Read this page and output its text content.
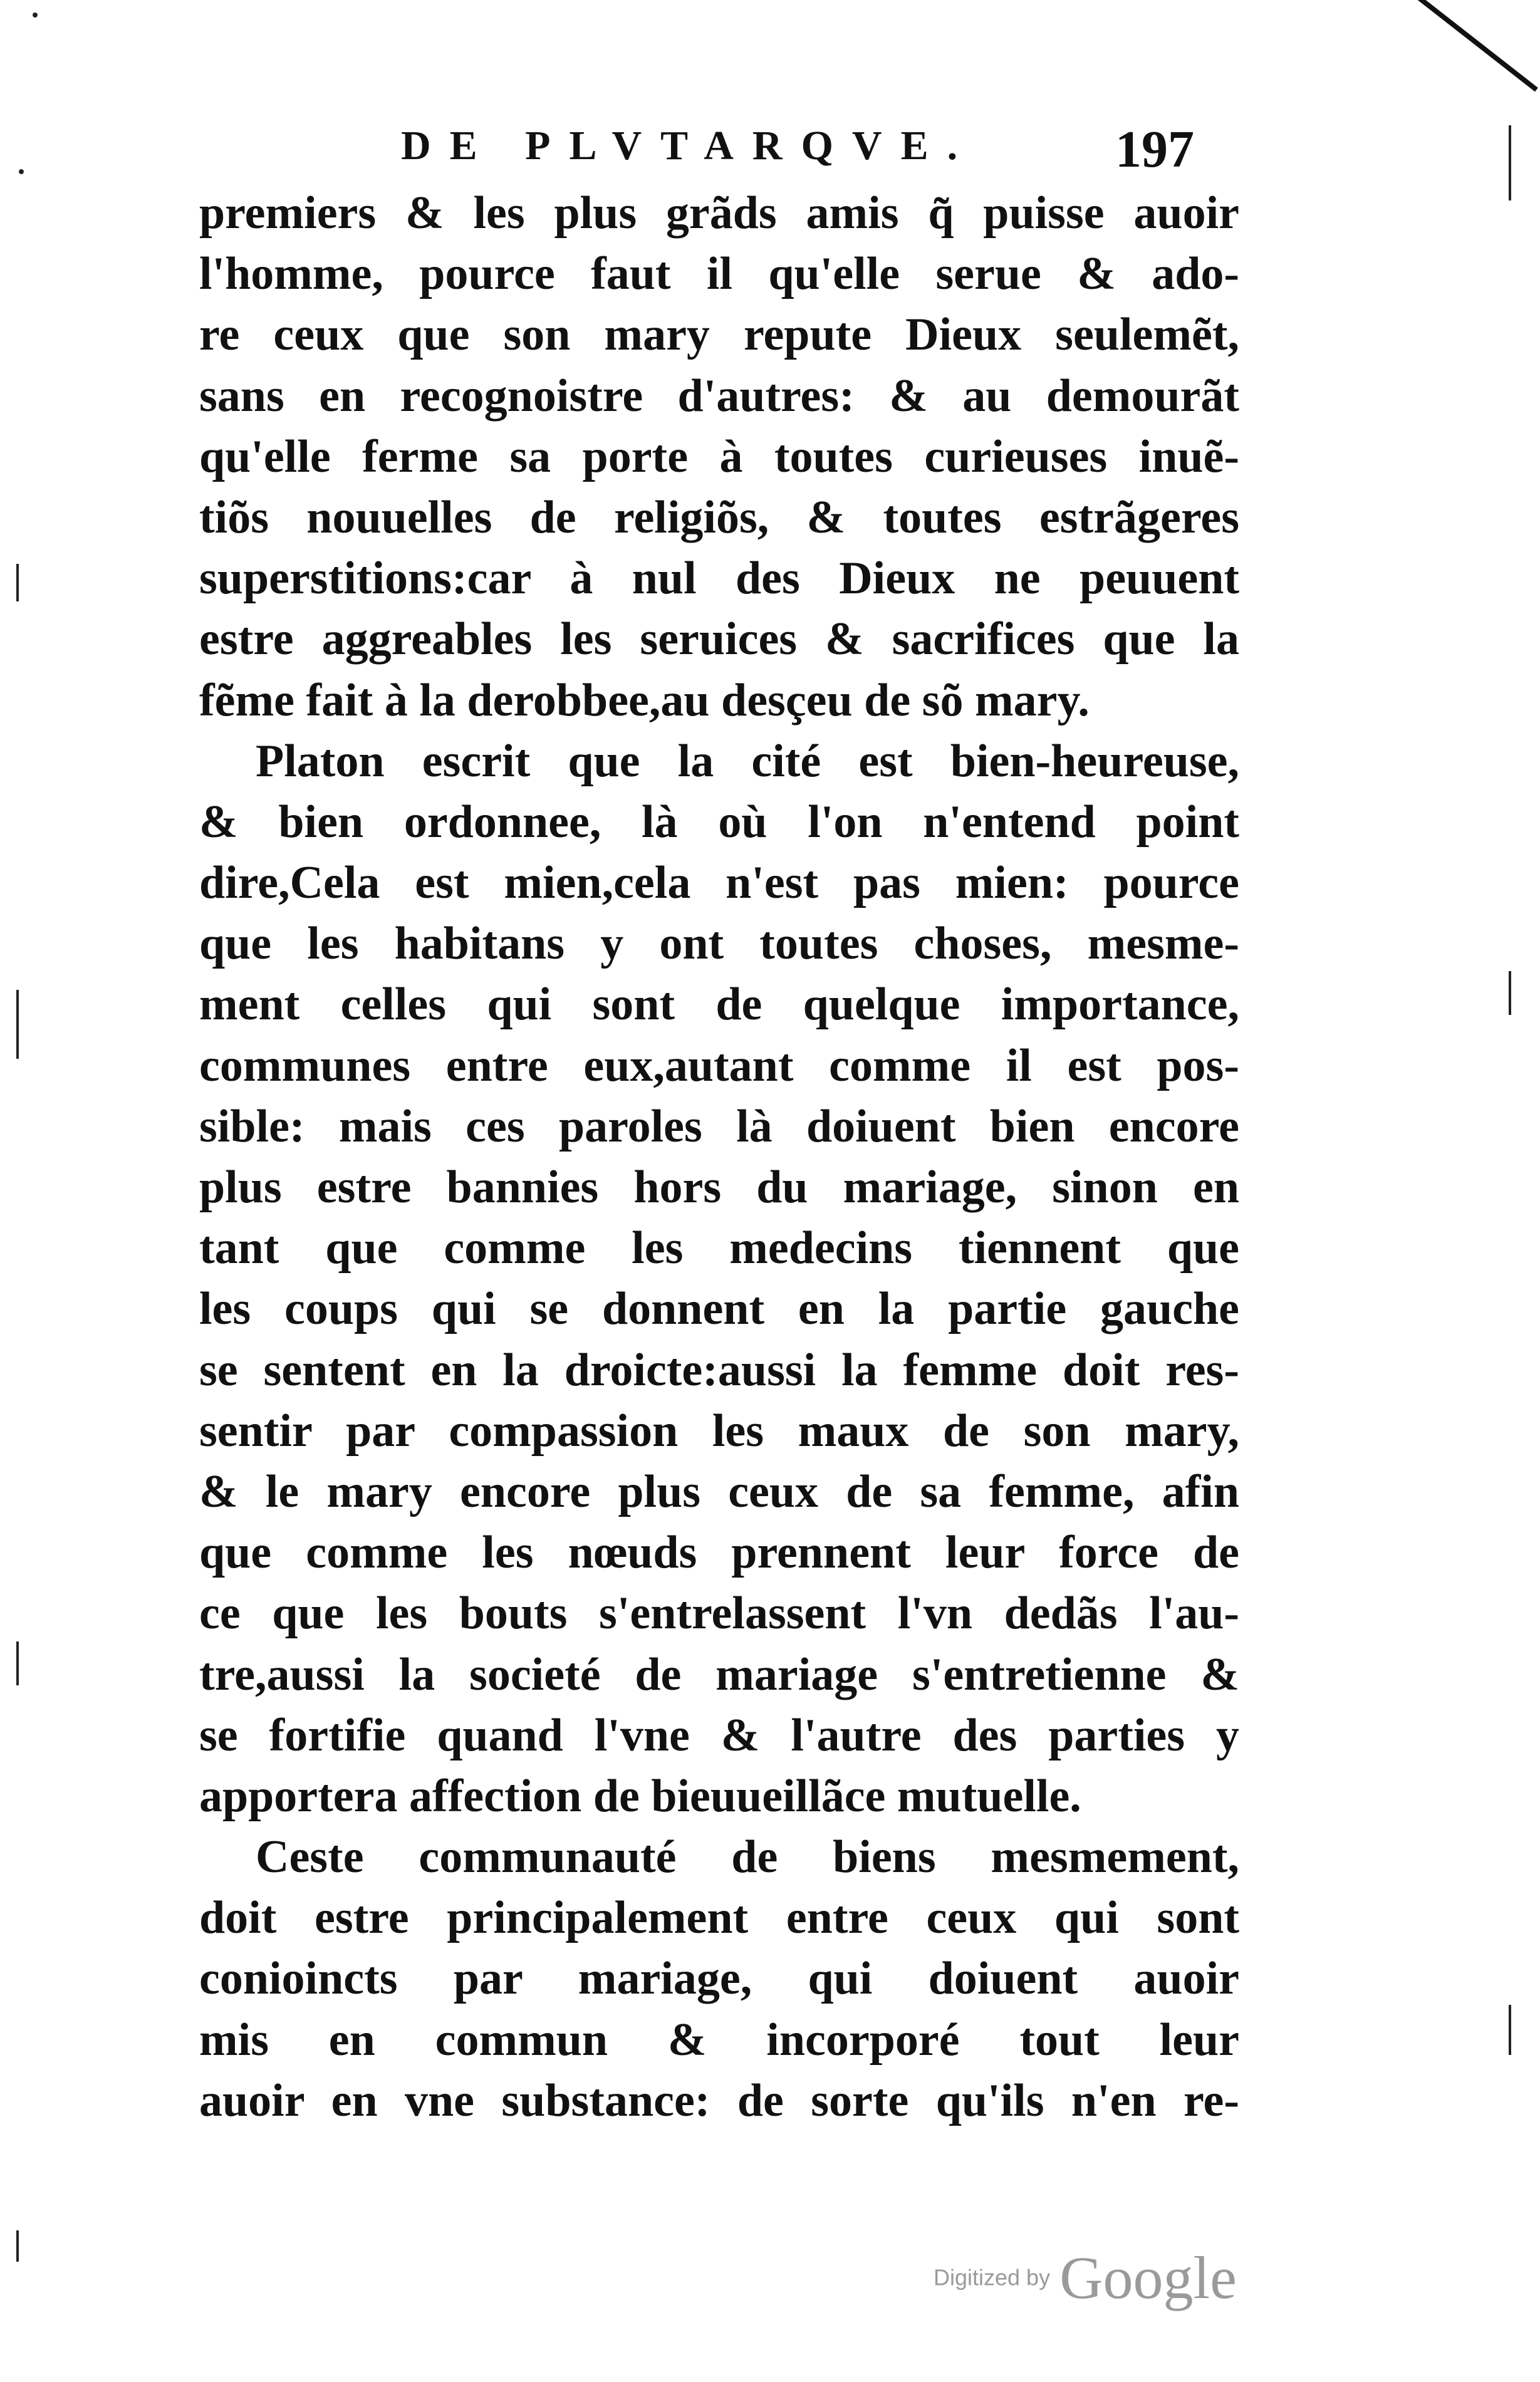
DE PLVTARQVE.	197
premiers & les plus grãds amis q̃ puisse auoir
l'homme, pource faut il qu'elle serue & ado-
re ceux que son mary repute Dieux seulemẽt,
sans en recognoistre d'autres: & au demourãt
qu'elle ferme sa porte à toutes curieuses inuẽ-
tiõs nouuelles de religiõs, & toutes estrãgeres
superstitions:car à nul des Dieux ne peuuent
estre aggreables les seruices & sacrifices que la
fẽme fait à la derobbee,au desçeu de sõ mary.
Platon escrit que la cité est bien-heureuse,
& bien ordonnee, là où l'on n'entend point
dire,Cela est mien,cela n'est pas mien: pource
que les habitans y ont toutes choses, mesme-
ment celles qui sont de quelque importance,
communes entre eux,autant comme il est pos-
sible: mais ces paroles là doiuent bien encore
plus estre bannies hors du mariage, sinon en
tant que comme les medecins tiennent que
les coups qui se donnent en la partie gauche
se sentent en la droicte:aussi la femme doit res-
sentir par compassion les maux de son mary,
& le mary encore plus ceux de sa femme, afin
que comme les nœuds prennent leur force de
ce que les bouts s'entrelassent l'vn dedãs l'au-
tre,aussi la societé de mariage s'entretienne &
se fortifie quand l'vne & l'autre des parties y
apportera affection de bieuueillãce mutuelle.
Ceste communauté de biens mesmement,
doit estre principalement entre ceux qui sont
conioincts par mariage, qui doiuent auoir
mis en commun & incorporé tout leur
auoir en vne substance: de sorte qu'ils n'en re-
Digitized by Google
